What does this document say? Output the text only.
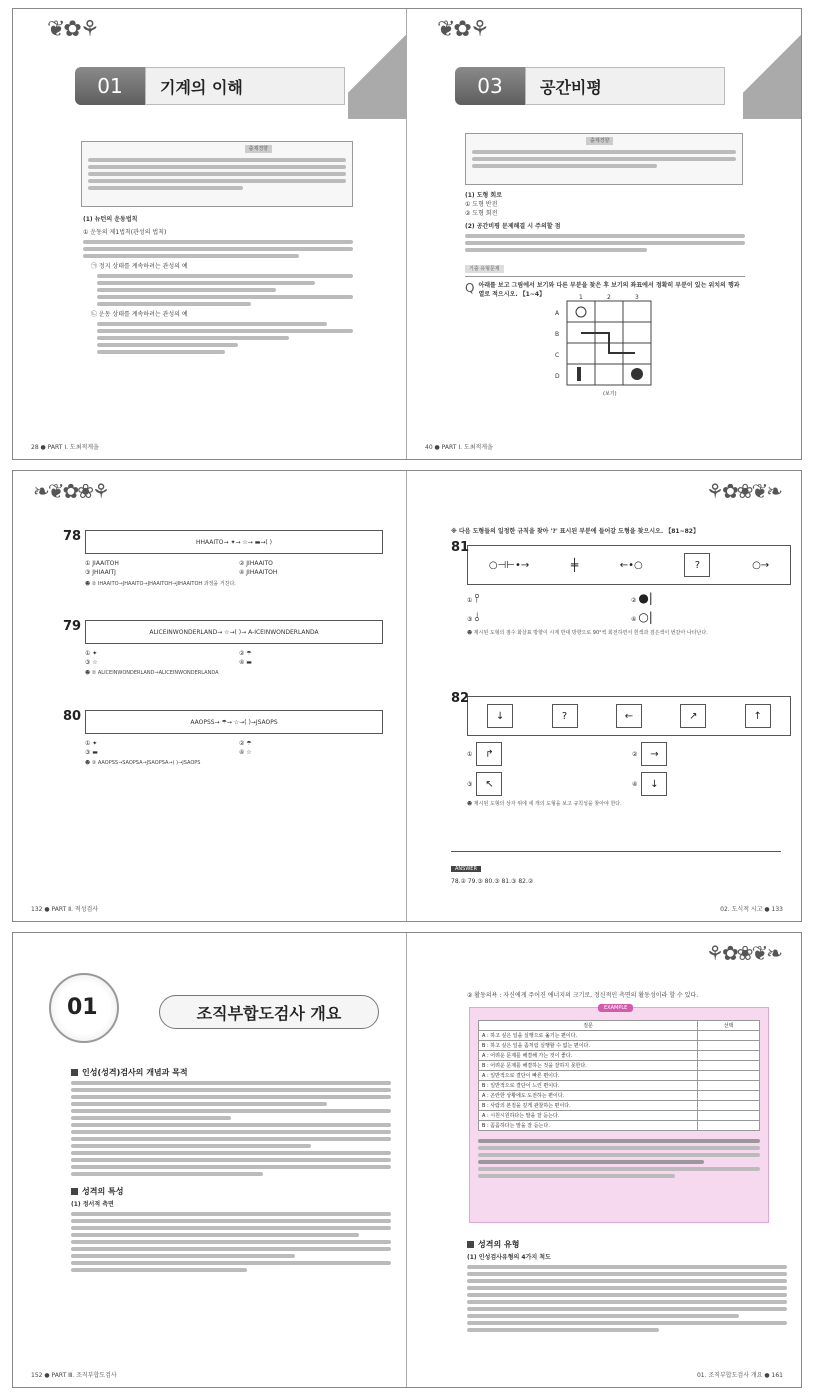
❦✿⚘
01	기계의 이해
출제경향
(1) 뉴턴의 운동법칙
① 운동의 제1법칙(관성의 법칙)
㉠ 정지 상태를 계속하려는 관성의 예
㉡ 운동 상태를 계속하려는 관성의 예
28 ● PART Ⅰ. 도최적게을
❦✿⚘
03	공간비평
출제경향
(1) 도형 회로
① 도형 반전
② 도형 회전
(2) 공간비평 문제해결 시 주의할 점
기출 유형문제
Q 아래를 보고 그림에서 보기와 다른 부분을 찾은 후 보기의 좌표에서 정확히 부분이 있는 위치의 행과 열로 적으시오. 【1~4】
A
B
C
D
1	2	3
(보기)
40 ● PART Ⅰ. 도최적게을
❧❦✿❀⚘
78	HHAAITO→ ✦→ ☆→ ▬→( )
① JIAAITOH	② JIHAAITO
③ JHIAAITJ	④ JIHAAITOH
☻ ② IHAAITO→JHAAITO→JHAAITOH→JIHAAITOH 과정을 거친다.
79	ALICEINWONDERLAND→ ☆→( )→ A-ICEINWONDERLANDA
① ✦	② ☂
③ ☆	④ ▬
☻ ② ALICEINWONDERLAND→ALICEINWONDERLANDA
80	AAOPSS→ ☂→ ☆→( )→JSAOPS
① ✦	② ☂
③ ▬	④ ☆
☻ ③ AAOPSS→SAOPSA→JSAOPSA→( )→JSAOPS
132 ● PART Ⅱ. 적성검사
⚘✿❀❦❧
※ 다음 도형들의 일정한 규칙을 찾아 '?' 표시된 부분에 들어갈 도형을 찾으시오. 【81~82】
81
○⊣⊢•→	╪	←•○	?	○→
① ⫯	② ●|
③ ⫰	④ ○|
☻ 제시된 도형의 점수 화살표 방향이 시계 반대 방향으로 90°씩 회전하면서 흰색과 검은색이 번갈아 나타난다.
82
↓	?	←	↗	↑
①	↱	②	→
③	↖	④	↓
☻ 제시된 도형의 상자 위에 세 개의 도형을 보고 규칙성을 찾아야 한다.
ANSWER
78.② 79.③ 80.③ 81.③ 82.②
02. 도식적 시고 ● 133
01	조직부합도검사 개요
인성(성격)검사의 개념과 목적
성격의 특성
(1) 정서적 측면
152 ● PART Ⅲ. 조직부합도검사
⚘✿❀❦❧
② 활동의욕 : 자신에게 주어진 에너지의 크기로, 정신적인 측면의 활동성이라 할 수 있다.
EXAMPLE
질문	선택
A : 하고 싶은 일을 실행으로 옮기는 편이다.	
B : 하고 싶은 일을 좀처럼 실행할 수 없는 편이다.	
A : 어려운 문제를 해결해 가는 것이 좋다.	
B : 어려운 문제를 해결하는 것을 잘하지 못한다.	
A : 일반적으로 결단이 빠른 편이다.	
B : 일반적으로 결단이 느린 편이다.	
A : 곤란한 상황에도 도전하는 편이다.	
B : 사람의 본질을 깊게 관찰하는 편이다.	
A : 시원시원하다는 말을 잘 듣는다.	
B : 꼼꼼하다는 말을 잘 듣는다.	
성격의 유형
(1) 인성검사유형의 4가지 척도
01. 조직부합도검사 개요 ● 161
